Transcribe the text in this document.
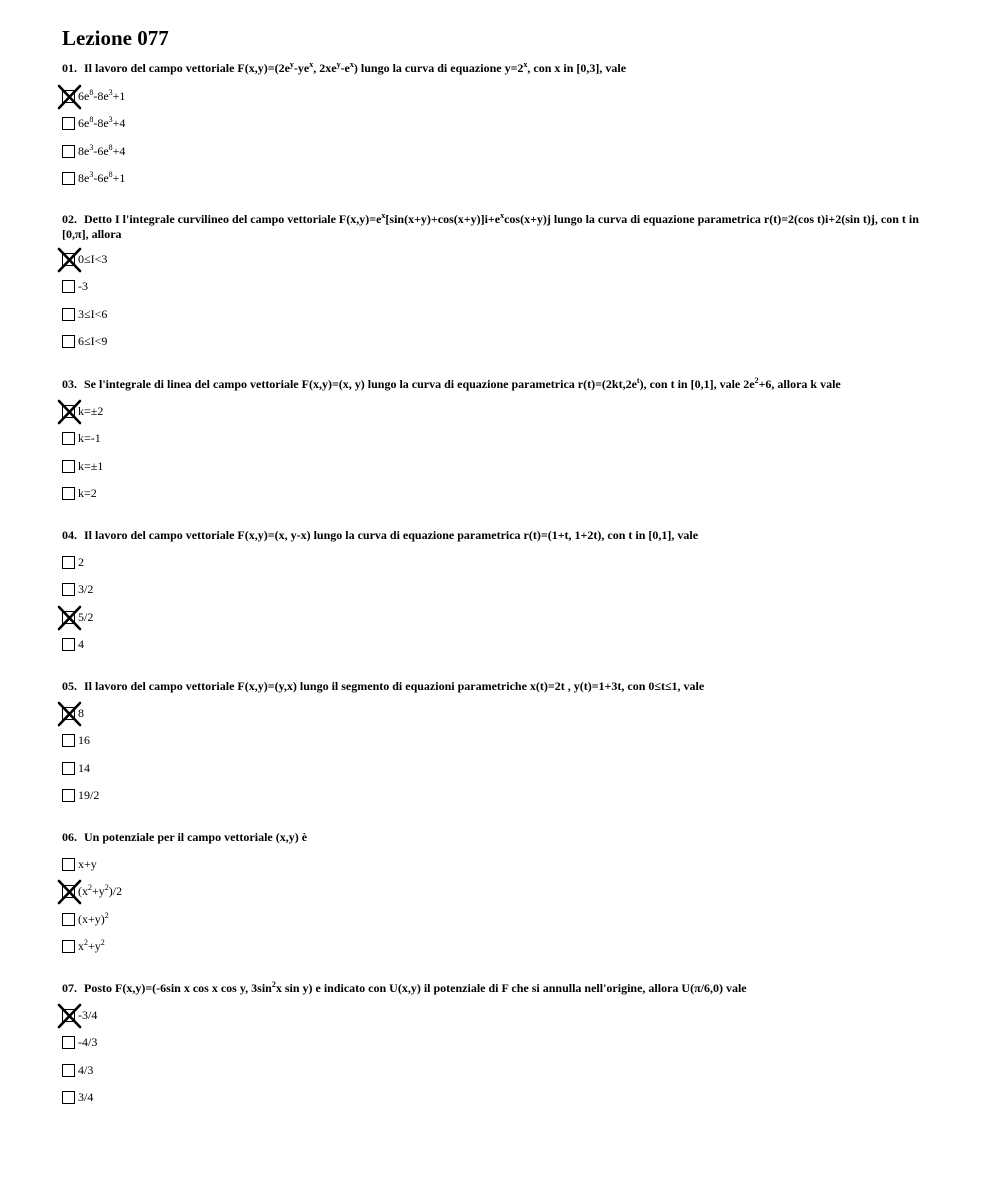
Lezione 077

01. Il lavoro del campo vettoriale $F(x,y)=(2e^y-ye^x$, $2xe^y-e^x$) lungo la curva di equazione $y=2^x$, con x in [0,3], vale

$6e^8-8e^3+1$
$6e^8-8e^3+4$
$8e^3-6e^8+4$
$8e^3-6e^8+1$

02. Detto I l'integrale curvilineo del campo vettoriale $F(x,y)=e^x[\sin(x+y)+\cos(x+y)]i+e^x\cos(x+y)j$ lungo la curva di equazione parametrica r(t)=2(cos t)i+2(sin t)j, con t in [0,π], allora

0≤I<3
-3
3≤I<6
6≤I<9

03. Se l'integrale di linea del campo vettoriale F(x,y)=(x, y) lungo la curva di equazione parametrica $r(t)=(2kt,2e^t)$, con t in [0,1], vale $2e^2+6$, allora k vale

k=±2
k=-1
k=±1
k=2

04. Il lavoro del campo vettoriale F(x,y)=(x, y-x) lungo la curva di equazione parametrica r(t)=(1+t, 1+2t), con t in [0,1], vale

2
3/2
5/2
4

05. Il lavoro del campo vettoriale F(x,y)=(y,x) lungo il segmento di equazioni parametriche x(t)=2t , y(t)=1+3t, con 0≤t≤1, vale

8
16
14
19/2

06. Un potenziale per il campo vettoriale (x,y) è

x+y
$(x^2+y^2)/2$
$(x+y)^2$
$x^2+y^2$

07. Posto F(x,y)=(-6sin x cos x cos y, $3\sin^2x$ sin y) e indicato con U(x,y) il potenziale di F che si annulla nell'origine, allora U(π/6,0) vale

-3/4
-4/3
4/3
3/4
